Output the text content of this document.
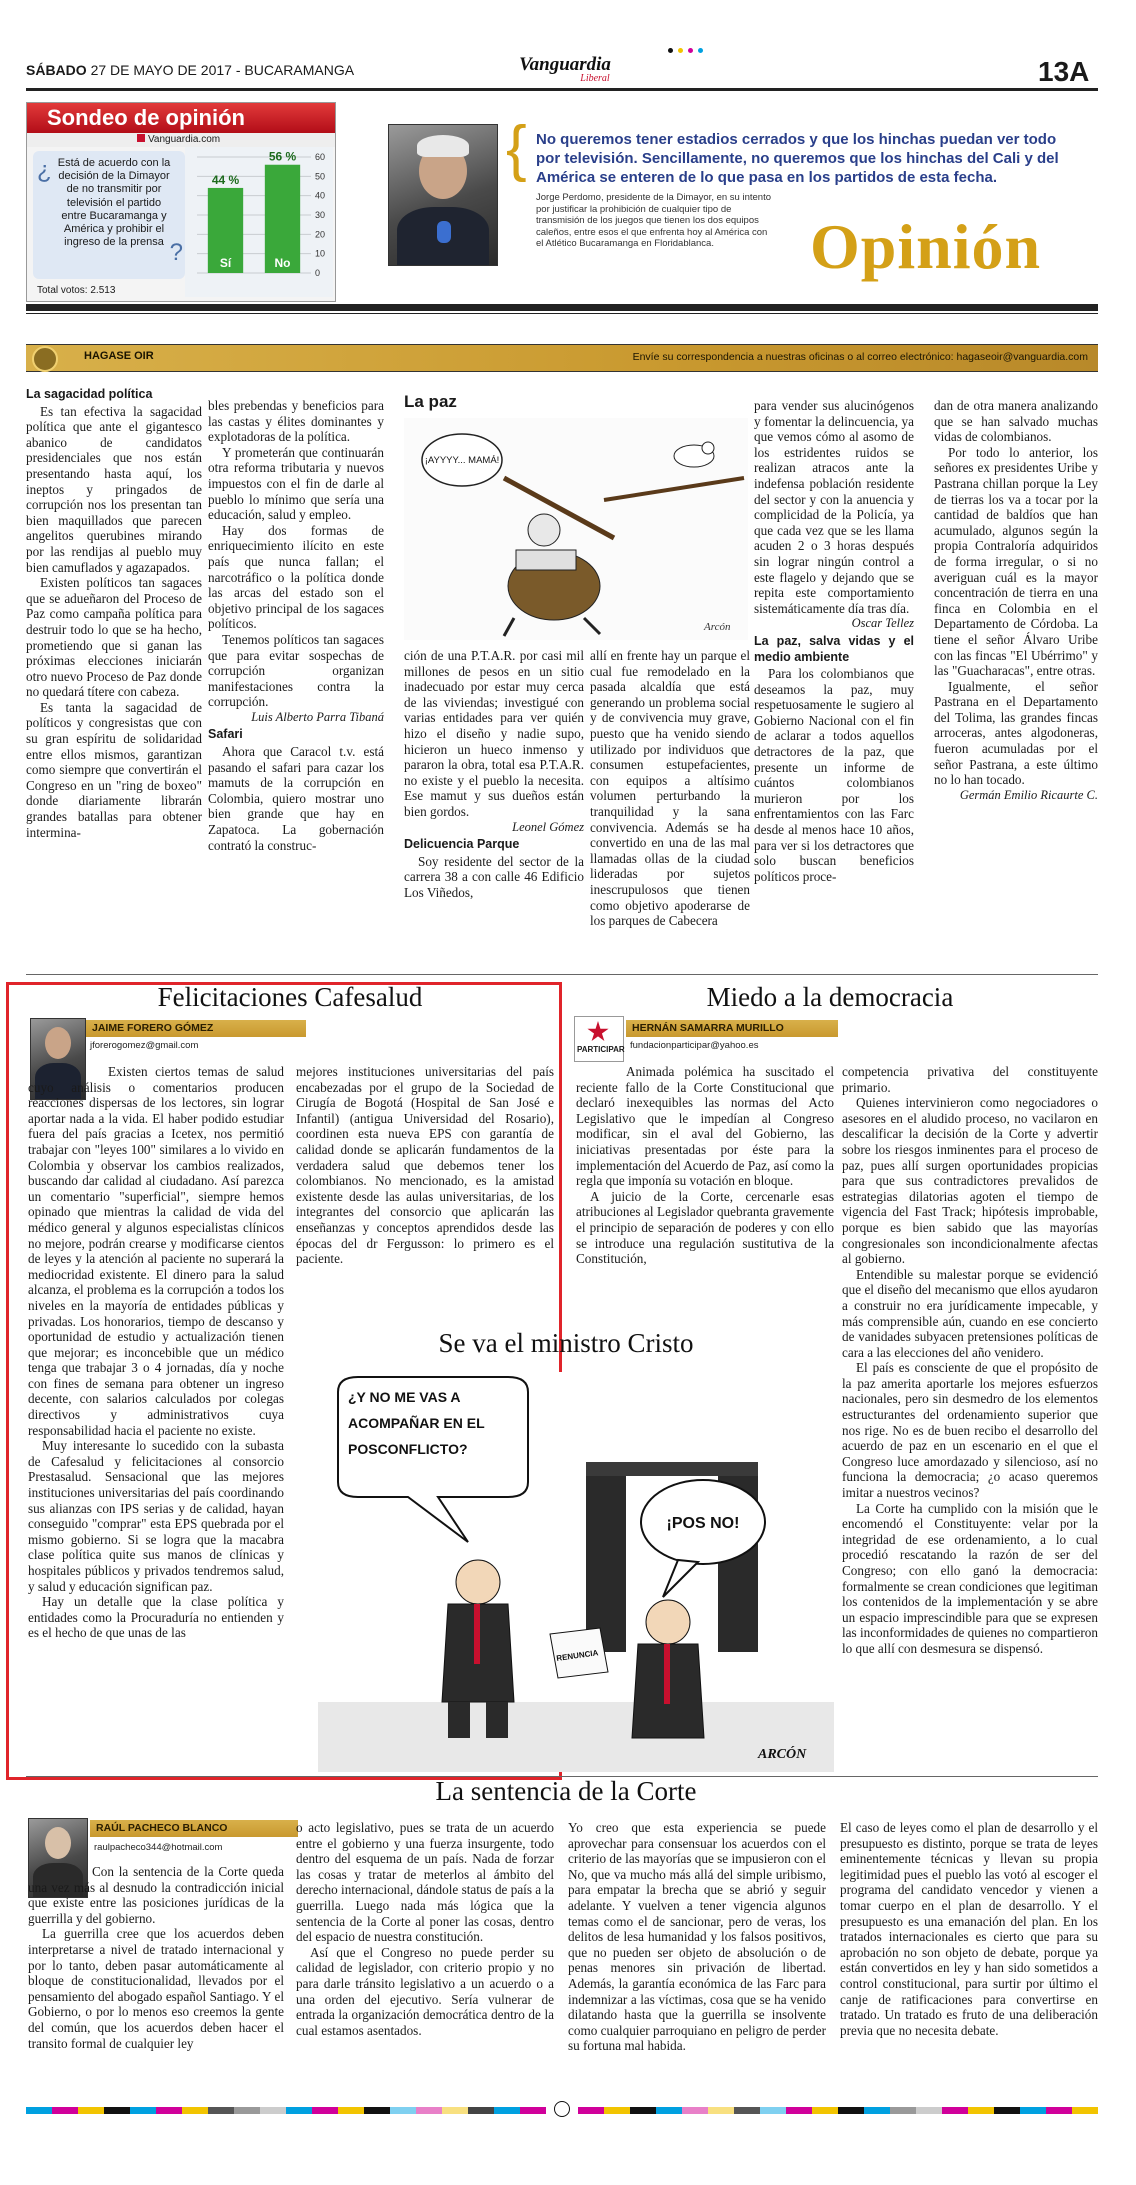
SÁBADO 27 DE MAYO DE 2017 - BUCARAMANGA	Vanguardia
Liberal	13A
Sondeo de opinión
Vanguardia.com
¿ Está de acuerdo con la decisión de la Dimayor de no transmitir por televisión el partido entre Bucaramanga y América y prohibir el ingreso de la prensa ?
Total votos: 2.513
0
10
20
30
40
50
60
44 %
Sí
56 %
No
{ No queremos tener estadios cerrados y que los hinchas puedan ver todo por televisión. Sencillamente, no queremos que los hinchas del Cali y del América se enteren de lo que pasa en los partidos de esta fecha.
Jorge Perdomo, presidente de la Dimayor, en su intento por justificar la prohibición de cualquier tipo de transmisión de los juegos que tienen los dos equipos caleños, entre esos el que enfrenta hoy al América con el Atlético Bucaramanga en Floridablanca.	Opinión
HAGASE OIR	Envíe su correspondencia a nuestras oficinas o al correo electrónico: hagaseoir@vanguardia.com
La sagacidad política

Es tan efectiva la sagacidad política que ante el gigantesco abanico de candidatos presidenciales que nos están presentando hasta aquí, los ineptos y pringados de corrupción nos los presentan tan bien maquillados que parecen angelitos querubines mirando por las rendijas al pueblo muy bien camuflados y agazapados.

Existen políticos tan sagaces que se adueñaron del Proceso de Paz como campaña política para destruir todo lo que se ha hecho, prometiendo que si ganan las próximas elecciones iniciarán otro nuevo Proceso de Paz donde no quedará títere con cabeza.

Es tanta la sagacidad de políticos y congresistas que con su gran espíritu de solidaridad entre ellos mismos, garantizan como siempre que convertirán el Congreso en un "ring de boxeo" donde diariamente librarán grandes batallas para obtener intermina-

bles prebendas y beneficios para las castas y élites dominantes y explotadoras de la política.

Y prometerán que continuarán otra reforma tributaria y nuevos impuestos con el fin de darle al pueblo lo mínimo que sería una educación, salud y empleo.

Hay dos formas de enriquecimiento ilícito en este país que nunca fallan; el narcotráfico o la política donde las arcas del estado son el objetivo principal de los sagaces políticos.

Tenemos políticos tan sagaces que para evitar sospechas de corrupción organizan manifestaciones contra la corrupción.

Luis Alberto Parra Tibaná

Safari

Ahora que Caracol t.v. está pasando el safari para cazar los mamuts de la corrupción en Colombia, quiero mostrar uno bien grande que hay en Zapatoca. La gobernación contrató la construc-

La paz
¡AYYYY... MAMÁ!
Arcón

ción de una P.T.A.R. por casi mil millones de pesos en un sitio inadecuado por estar muy cerca de las viviendas; investigué con varias entidades para ver quién hizo el diseño y nadie supo, hicieron un hueco inmenso y pararon la obra, total esa P.T.A.R. no existe y el pueblo la necesita. Ese mamut y sus dueños están bien gordos.

Leonel Gómez

Delicuencia Parque

Soy residente del sector de la carrera 38 a con calle 46 Edificio Los Viñedos,

allí en frente hay un parque el cual fue remodelado en la pasada alcaldía que está generando un problema social y de convivencia muy grave, puesto que ha venido siendo utilizado por individuos que consumen estupefacientes, con equipos a altísimo volumen perturbando la tranquilidad y la sana convivencia. Además se ha convertido en una de las mal llamadas ollas de la ciudad lideradas por sujetos inescrupulosos que tienen como objetivo apoderarse de los parques de Cabecera

para vender sus alucinógenos y fomentar la delincuencia, ya que vemos cómo al asomo de los estridentes ruidos se realizan atracos ante la indefensa población residente del sector y con la anuencia y complicidad de la Policía, ya que cada vez que se les llama acuden 2 o 3 horas después sin lograr ningún control a este flagelo y dejando que se repita este comportamiento sistemáticamente día tras día.

Oscar Tellez

La paz, salva vidas y el medio ambiente

Para los colombianos que deseamos la paz, muy respetuosamente le sugiero al Gobierno Nacional con el fin de aclarar a todos aquellos detractores de la paz, que presente un informe de cuántos colombianos murieron por los enfrentamientos con las Farc desde al menos hace 10 años, para ver si los detractores que solo buscan beneficios políticos proce-

dan de otra manera analizando que se han salvado muchas vidas de colombianos.

Por todo lo anterior, los señores ex presidentes Uribe y Pastrana chillan porque la Ley de tierras los va a tocar por la cantidad de baldíos que han acumulado, algunos según la propia Contraloría adquiridos de forma irregular, o si no averiguan cuál es la mayor concentración de tierra en una finca en Colombia en el Departamento de Córdoba. La tiene el señor Álvaro Uribe con las fincas "El Ubérrimo" y las "Guacharacas", entre otras.

Igualmente, el señor Pastrana en el Departamento del Tolima, las grandes fincas arroceras, antes algodoneras, fueron acumuladas por el señor Pastrana, a este último no lo han tocado.

Germán Emilio Ricaurte C.

Felicitaciones Cafesalud
JAIME FORERO GÓMEZ
jforerogomez@gmail.com

Existen ciertos temas de salud cuyo análisis o comentarios producen reacciones dispersas de los lectores, sin lograr aportar nada a la vida. El haber podido estudiar fuera del país gracias a Icetex, nos permitió trabajar con "leyes 100" similares a lo vivido en Colombia y observar los cambios realizados, buscando dar calidad al ciudadano. Así parezca un comentario "superficial", siempre hemos opinado que mientras la calidad de vida del médico general y algunos especialistas clínicos no mejore, podrán crearse y modificarse cientos de leyes y la atención al paciente no superará la mediocridad existente. El dinero para la salud alcanza, el problema es la corrupción a todos los niveles en la mayoría de entidades públicas y privadas. Los honorarios, tiempo de descanso y oportunidad de estudio y actualización tienen que mejorar; es inconcebible que un médico tenga que trabajar 3 o 4 jornadas, día y noche con fines de semana para obtener un ingreso decente, con salarios calculados por colegas directivos y administrativos cuya responsabilidad hacia el paciente no existe.

Muy interesante lo sucedido con la subasta de Cafesalud y felicitaciones al consorcio Prestasalud. Sensacional que las mejores instituciones universitarias del país coordinando sus alianzas con IPS serias y de calidad, hayan conseguido "comprar" esta EPS quebrada por el mismo gobierno. Si se logra que la macabra clase política quite sus manos de clínicas y hospitales públicos y privados tendremos salud, y salud y educación significan paz.

Hay un detalle que la clase política y entidades como la Procuraduría no entienden y es el hecho de que unas de las

mejores instituciones universitarias del país encabezadas por el grupo de la Sociedad de Cirugía de Bogotá (Hospital de San José e Infantil) (antigua Universidad del Rosario), coordinen esta nueva EPS con garantía de calidad donde se aplicarán fundamentos de la verdadera salud que debemos tener los colombianos. No mencionado, es la amistad existente desde las aulas universitarias, de los integrantes del consorcio que aplicarán las enseñanzas y conceptos aprendidos desde las épocas del dr Fergusson: lo primero es el paciente.

Miedo a la democracia
PARTICIPAR
HERNÁN SAMARRA MURILLO
fundacionparticipar@yahoo.es

Animada polémica ha suscitado el reciente fallo de la Corte Constitucional que declaró inexequibles las normas del Acto Legislativo que le impedían al Congreso modificar, sin el aval del Gobierno, las iniciativas presentadas por éste para la implementación del Acuerdo de Paz, así como la regla que imponía su votación en bloque.

A juicio de la Corte, cercenarle esas atribuciones al Legislador quebranta gravemente el principio de separación de poderes y con ello se introduce una regulación sustitutiva de la Constitución,

competencia privativa del constituyente primario.

Quienes intervinieron como negociadores o asesores en el aludido proceso, no vacilaron en descalificar la decisión de la Corte y advertir sobre los riesgos inminentes para el proceso de paz, pues allí surgen oportunidades propicias para que sus contradictores prevalidos de estrategias dilatorias agoten el tiempo de vigencia del Fast Track; hipótesis improbable, porque es bien sabido que las mayorías congresionales son incondicionalmente afectas al gobierno.

Entendible su malestar porque se evidenció que el diseño del mecanismo que ellos ayudaron a construir no era jurídicamente impecable, y más comprensible aún, cuando en ese concierto de vanidades subyacen pretensiones políticas de cara a las elecciones del año venidero.

El país es consciente de que el propósito de la paz amerita aportarle los mejores esfuerzos nacionales, pero sin desmedro de los elementos estructurantes del ordenamiento superior que nos rige. No es de buen recibo el desarrollo del acuerdo de paz en un escenario en el que el Congreso luce amordazado y silencioso, así no funciona la democracia; ¿o acaso queremos imitar a nuestros vecinos?

La Corte ha cumplido con la misión que le encomendó el Constituyente: velar por la integridad de ese ordenamiento, a lo cual procedió rescatando la razón de ser del Congreso; con ello ganó la democracia: formalmente se crean condiciones que legitiman los contenidos de la implementación y se abre un espacio imprescindible para que se expresen las inconformidades de quienes no compartieron lo que allí con desmesura se dispensó.

Se va el ministro Cristo
¿Y NO ME VAS A ACOMPAÑAR EN EL POSCONFLICTO?
¡POS NO!
RENUNCIA
ARCÓN
La sentencia de la Corte
RAÚL PACHECO BLANCO
raulpacheco344@hotmail.com

Con la sentencia de la Corte queda una vez más al desnudo la contradicción inicial que existe entre las posiciones jurídicas de la guerrilla y del gobierno.

La guerrilla cree que los acuerdos deben interpretarse a nivel de tratado internacional y por lo tanto, deben pasar automáticamente al bloque de constitucionalidad, llevados por el pensamiento del abogado español Santiago. Y el Gobierno, o por lo menos eso creemos la gente del común, que los acuerdos deben hacer el transito formal de cualquier ley

o acto legislativo, pues se trata de un acuerdo entre el gobierno y una fuerza insurgente, todo dentro del esquema de un país. Nada de forzar las cosas y tratar de meterlos al ámbito del derecho internacional, dándole status de país a la guerrilla. Luego nada más lógica que la sentencia de la Corte al poner las cosas, dentro del espacio de nuestra constitución.

Así que el Congreso no puede perder su calidad de legislador, con criterio propio y no para darle tránsito legislativo a un acuerdo o a una orden del ejecutivo. Sería vulnerar de entrada la organización democrática dentro de la cual estamos asentados.

Yo creo que esta experiencia se puede aprovechar para consensuar los acuerdos con el criterio de las mayorías que se impusieron con el No, que va mucho más allá del simple uribismo, para empatar la brecha que se abrió y seguir adelante. Y vuelven a tener vigencia algunos temas como el de sancionar, pero de veras, los delitos de lesa humanidad y los falsos positivos, que no pueden ser objeto de absolución o de penas menores sin privación de libertad. Además, la garantía económica de las Farc para indemnizar a las víctimas, cosa que se ha venido dilatando hasta que la guerrilla se insolvente como cualquier parroquiano en peligro de perder su fortuna mal habida.

El caso de leyes como el plan de desarrollo y el presupuesto es distinto, porque se trata de leyes eminentemente técnicas y llevan su propia legitimidad pues el pueblo las votó al escoger el programa del candidato vencedor y vienen a tomar cuerpo en el plan de desarrollo. Y el presupuesto es una emanación del plan. En los tratados internacionales es cierto que para su aprobación no son objeto de debate, porque ya están convertidos en ley y han sido sometidos a control constitucional, para surtir por último el canje de ratificaciones para convertirse en tratado. Un tratado es fruto de una deliberación previa que no necesita debate.
